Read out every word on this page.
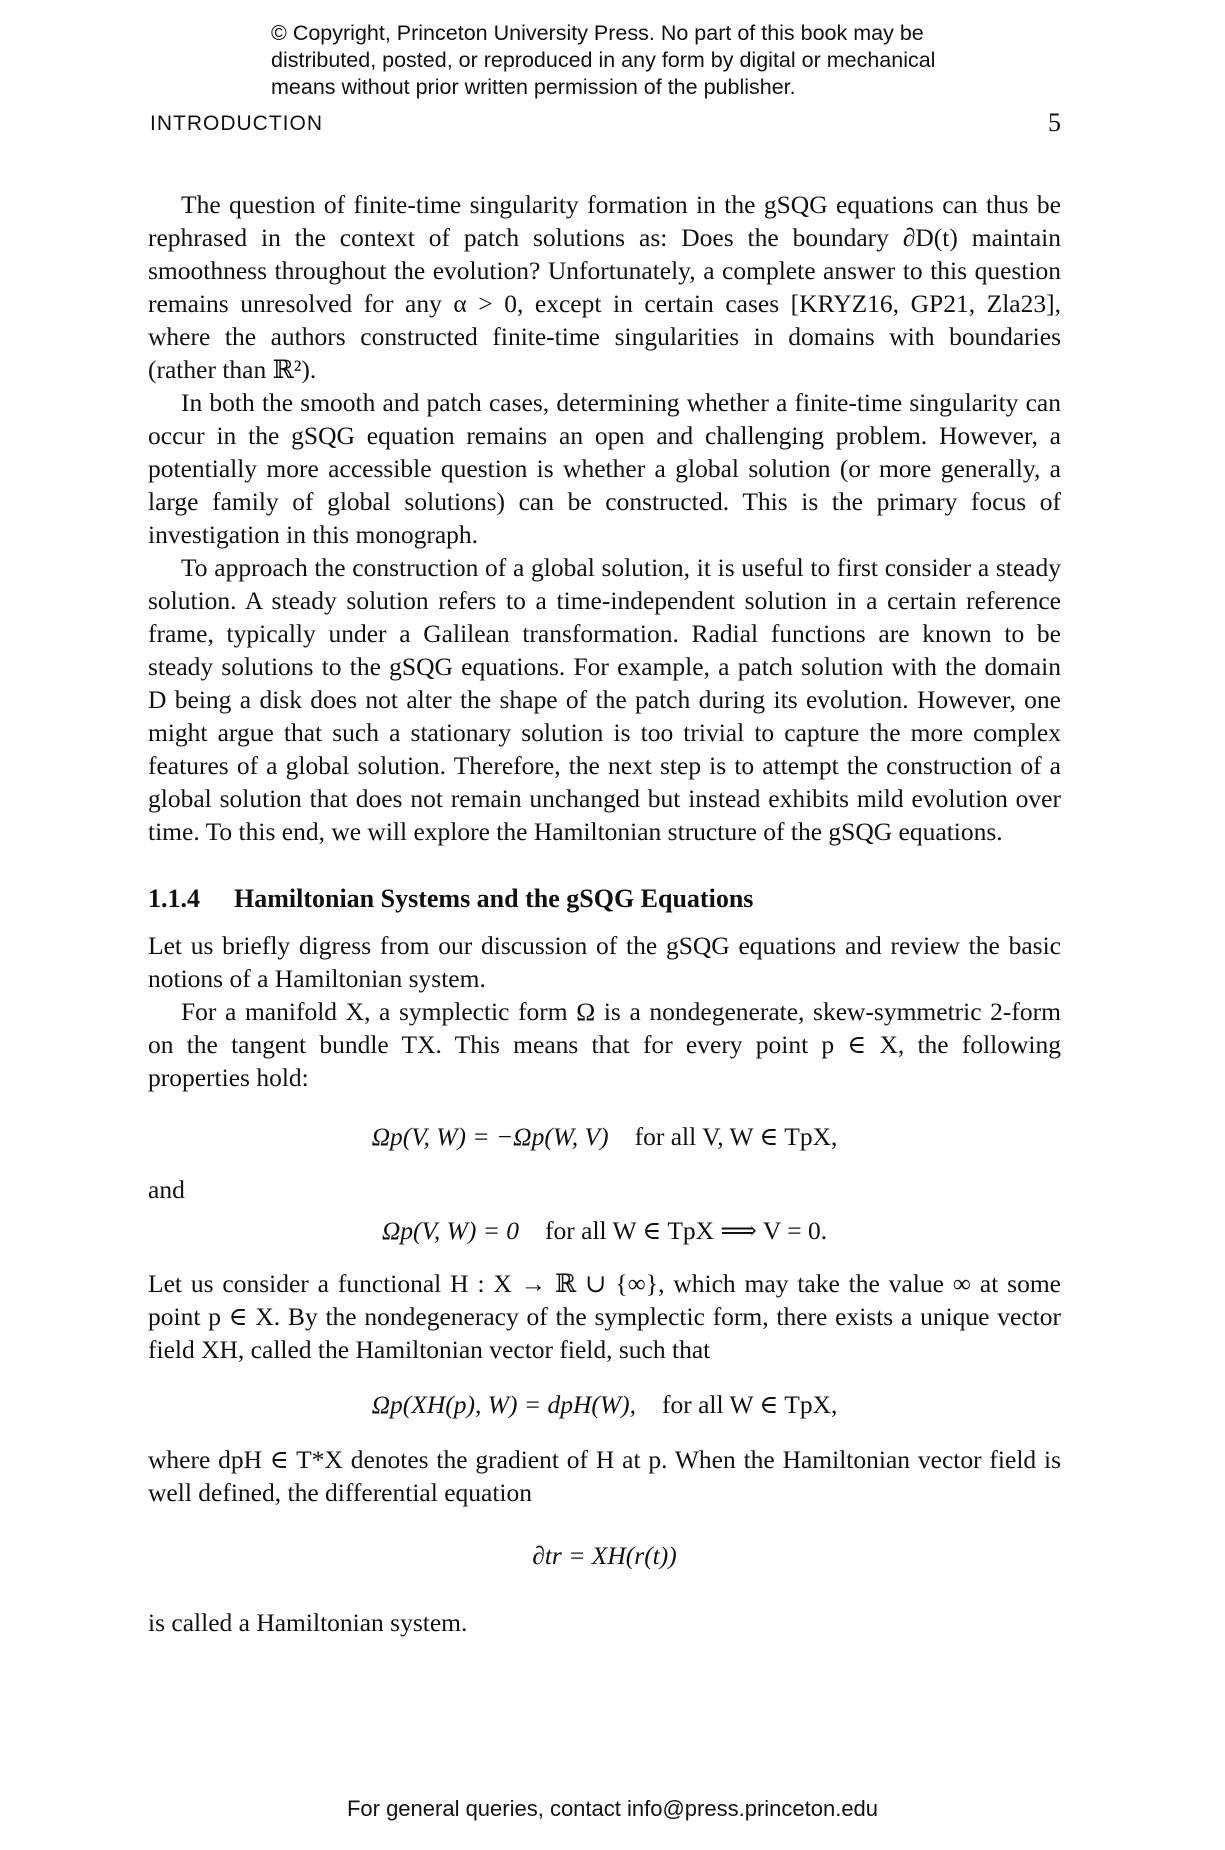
© Copyright, Princeton University Press. No part of this book may be
distributed, posted, or reproduced in any form by digital or mechanical
means without prior written permission of the publisher.
INTRODUCTION	5

The question of finite-time singularity formation in the gSQG equations can thus be rephrased in the context of patch solutions as: Does the boundary ∂D(t) maintain smoothness throughout the evolution? Unfortunately, a complete answer to this question remains unresolved for any α > 0, except in certain cases [KRYZ16, GP21, Zla23], where the authors constructed finite-time singularities in domains with boundaries (rather than ℝ²).

In both the smooth and patch cases, determining whether a finite-time singularity can occur in the gSQG equation remains an open and challenging problem. However, a potentially more accessible question is whether a global solution (or more generally, a large family of global solutions) can be constructed. This is the primary focus of investigation in this monograph.

To approach the construction of a global solution, it is useful to first consider a steady solution. A steady solution refers to a time-independent solution in a certain reference frame, typically under a Galilean transformation. Radial functions are known to be steady solutions to the gSQG equations. For example, a patch solution with the domain D being a disk does not alter the shape of the patch during its evolution. However, one might argue that such a stationary solution is too trivial to capture the more complex features of a global solution. Therefore, the next step is to attempt the construction of a global solution that does not remain unchanged but instead exhibits mild evolution over time. To this end, we will explore the Hamiltonian structure of the gSQG equations.

1.1.4 Hamiltonian Systems and the gSQG Equations

Let us briefly digress from our discussion of the gSQG equations and review the basic notions of a Hamiltonian system.

For a manifold X, a symplectic form Ω is a nondegenerate, skew-symmetric 2-form on the tangent bundle TX. This means that for every point p ∈ X, the following properties hold:

Ωp(V, W) = −Ωp(W, V) for all V, W ∈ TpX,

and

Ωp(V, W) = 0 for all W ∈ TpX ⟹ V = 0.

Let us consider a functional H : X → ℝ ∪ {∞}, which may take the value ∞ at some point p ∈ X. By the nondegeneracy of the symplectic form, there exists a unique vector field XH, called the Hamiltonian vector field, such that

Ωp(XH(p), W) = dpH(W), for all W ∈ TpX,

where dpH ∈ T*X denotes the gradient of H at p. When the Hamiltonian vector field is well defined, the differential equation

∂tr = XH(r(t))

is called a Hamiltonian system.

For general queries, contact info@press.princeton.edu
